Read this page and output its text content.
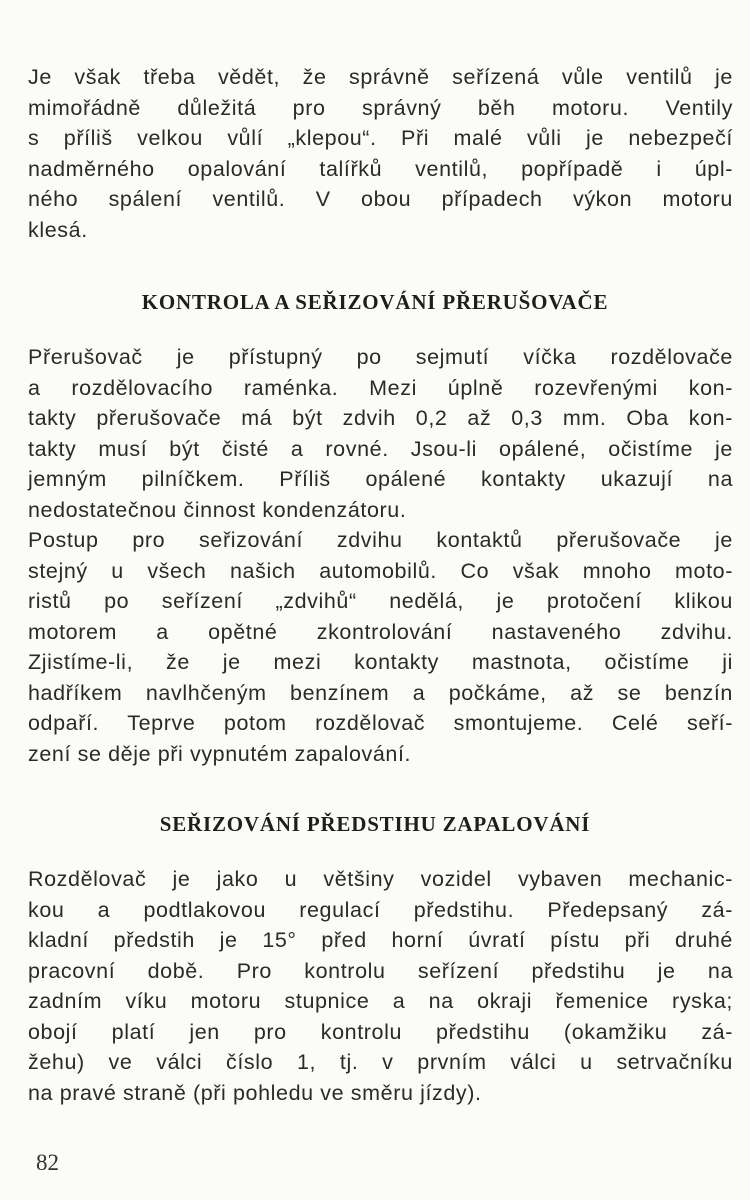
Je však třeba vědět, že správně seřízená vůle ventilů je
mimořádně důležitá pro správný běh motoru. Ventily
s příliš velkou vůlí „klepou“. Při malé vůli je nebezpečí
nadměrného opalování talířků ventilů, popřípadě i úpl-
ného spálení ventilů. V obou případech výkon motoru
klesá.
KONTROLA A SEŘIZOVÁNÍ PŘERUŠOVAČE
Přerušovač je přístupný po sejmutí víčka rozdělovače
a rozdělovacího raménka. Mezi úplně rozevřenými kon-
takty přerušovače má být zdvih 0,2 až 0,3 mm. Oba kon-
takty musí být čisté a rovné. Jsou-li opálené, očistíme je
jemným pilníčkem. Příliš opálené kontakty ukazují na
nedostatečnou činnost kondenzátoru.
Postup pro seřizování zdvihu kontaktů přerušovače je
stejný u všech našich automobilů. Co však mnoho moto-
ristů po seřízení „zdvihů“ nedělá, je protočení klikou
motorem a opětné zkontrolování nastaveného zdvihu.
Zjistíme-li, že je mezi kontakty mastnota, očistíme ji
hadříkem navlhčeným benzínem a počkáme, až se benzín
odpaří. Teprve potom rozdělovač smontujeme. Celé seří-
zení se děje při vypnutém zapalování.
SEŘIZOVÁNÍ PŘEDSTIHU ZAPALOVÁNÍ
Rozdělovač je jako u většiny vozidel vybaven mechanic-
kou a podtlakovou regulací předstihu. Předepsaný zá-
kladní předstih je 15° před horní úvratí pístu při druhé
pracovní době. Pro kontrolu seřízení předstihu je na
zadním víku motoru stupnice a na okraji řemenice ryska;
obojí platí jen pro kontrolu předstihu (okamžiku zá-
žehu) ve válci číslo 1, tj. v prvním válci u setrvačníku
na pravé straně (při pohledu ve směru jízdy).
82
